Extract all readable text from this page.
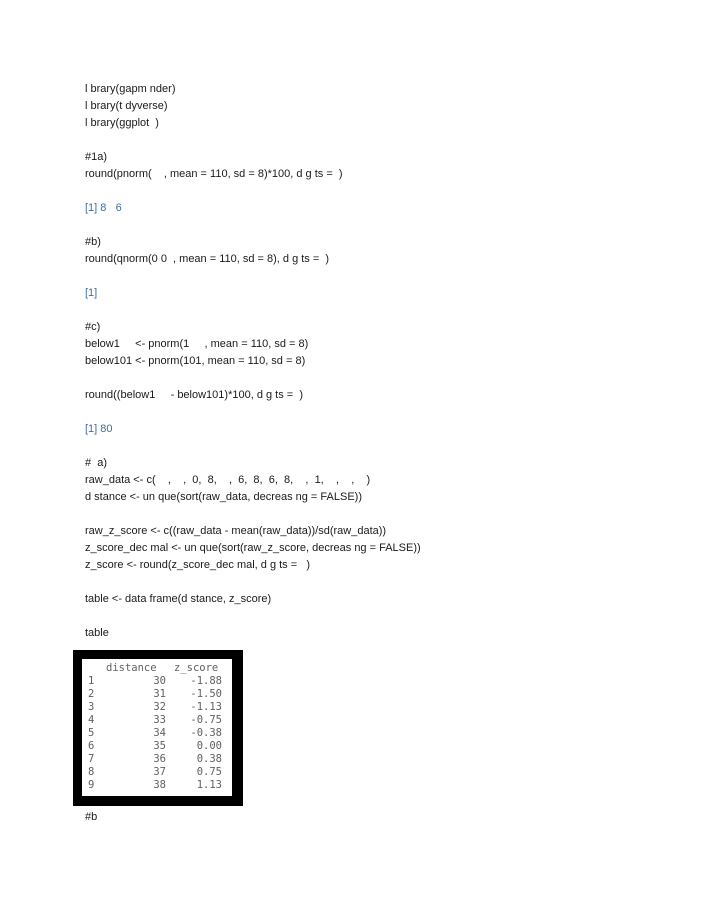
l brary(gapm nder)
l brary(t dyverse)
l brary(ggplot  )
#1a)
round(pnorm(    , mean = 110, sd = 8)*100, d g ts =  )
[1] 8   6
#b)
round(qnorm(0 0  , mean = 110, sd = 8), d g ts =  )
[1]
#c)
below1     <- pnorm(1     , mean = 110, sd = 8)
below101 <- pnorm(101, mean = 110, sd = 8)
round((below1     - below101)*100, d g ts =  )
[1] 80
#  a)
raw_data <- c(    ,    ,  0,  8,    ,  6,  8,  6,  8,    ,  1,    ,    ,    )
d stance <- un que(sort(raw_data, decreas ng = FALSE))
raw_z_score <- c((raw_data - mean(raw_data))/sd(raw_data))
z_score_dec mal <- un que(sort(raw_z_score, decreas ng = FALSE))
z_score <- round(z_score_dec mal, d g ts =   )
table <- data frame(d stance, z_score)
table
distance z_score
1	30	-1.88
2	31	-1.50
3	32	-1.13
4	33	-0.75
5	34	-0.38
6	35	0.00
7	36	0.38
8	37	0.75
9	38	1.13
#b
